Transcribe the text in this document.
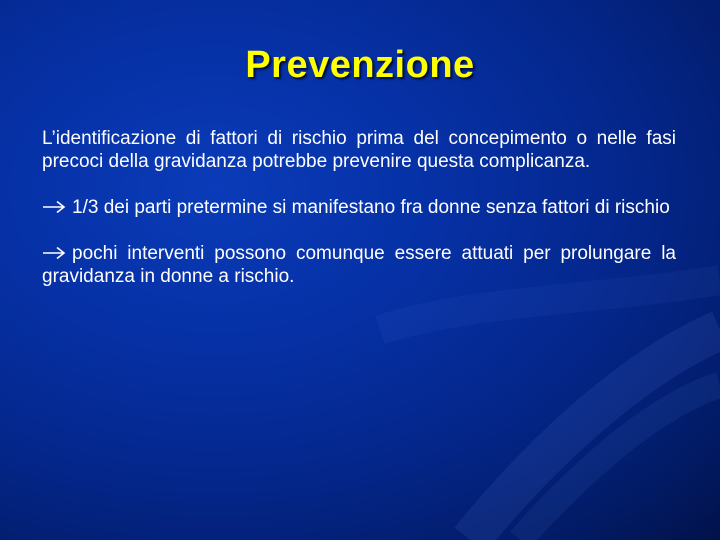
Prevenzione

L’identificazione di fattori di rischio prima del concepimento o nelle fasi precoci della gravidanza potrebbe prevenire questa complicanza.

1/3 dei parti pretermine si manifestano fra donne senza fattori di rischio

pochi interventi possono comunque essere attuati per prolungare la gravidanza in donne a rischio.
